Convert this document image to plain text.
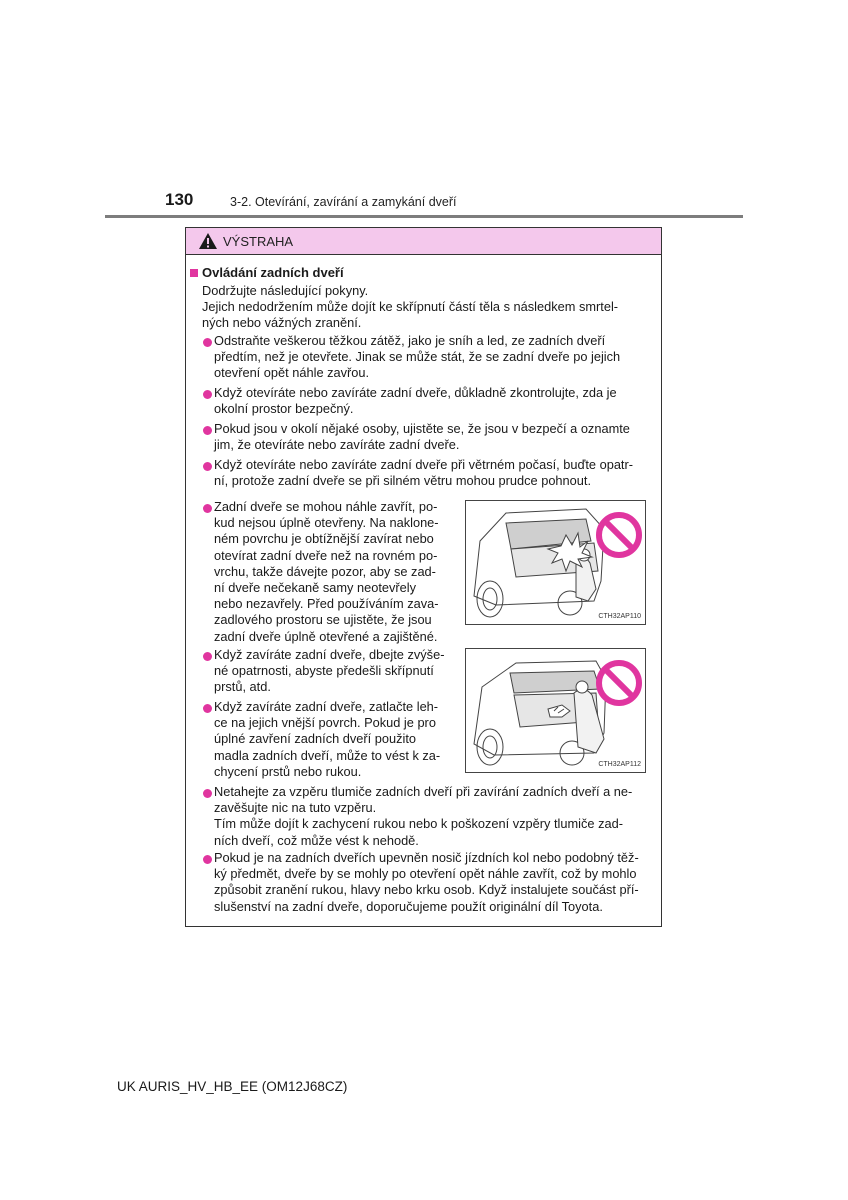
130	3-2. Otevírání, zavírání a zamykání dveří
VÝSTRAHA
Ovládání zadních dveří
Dodržujte následující pokyny.
Jejich nedodržením může dojít ke skřípnutí částí těla s následkem smrtel-
ných nebo vážných zranění.
Odstraňte veškerou těžkou zátěž, jako je sníh a led, ze zadních dveří
předtím, než je otevřete. Jinak se může stát, že se zadní dveře po jejich
otevření opět náhle zavřou.
Když otevíráte nebo zavíráte zadní dveře, důkladně zkontrolujte, zda je
okolní prostor bezpečný.
Pokud jsou v okolí nějaké osoby, ujistěte se, že jsou v bezpečí a oznamte
jim, že otevíráte nebo zavíráte zadní dveře.
Když otevíráte nebo zavíráte zadní dveře při větrném počasí, buďte opatr-
ní, protože zadní dveře se při silném větru mohou prudce pohnout.
Zadní dveře se mohou náhle zavřít, po-
kud nejsou úplně otevřeny. Na naklone-
ném povrchu je obtížnější zavírat nebo
otevírat zadní dveře než na rovném po-
vrchu, takže dávejte pozor, aby se zad-
ní dveře nečekaně samy neotevřely
nebo nezavřely. Před používáním zava-
zadlového prostoru se ujistěte, že jsou
zadní dveře úplně otevřené a zajištěné.
CTH32AP110
Když zavíráte zadní dveře, dbejte zvýše-
né opatrnosti, abyste předešli skřípnutí
prstů, atd.
Když zavíráte zadní dveře, zatlačte leh-
ce na jejich vnější povrch. Pokud je pro
úplné zavření zadních dveří použito
madla zadních dveří, může to vést k za-
chycení prstů nebo rukou.	CTH32AP112
Netahejte za vzpěru tlumiče zadních dveří při zavírání zadních dveří a ne-
zavěšujte nic na tuto vzpěru.
Tím může dojít k zachycení rukou nebo k poškození vzpěry tlumiče zad-
ních dveří, což může vést k nehodě.
Pokud je na zadních dveřích upevněn nosič jízdních kol nebo podobný těž-
ký předmět, dveře by se mohly po otevření opět náhle zavřít, což by mohlo
způsobit zranění rukou, hlavy nebo krku osob. Když instalujete součást pří-
slušenství na zadní dveře, doporučujeme použít originální díl Toyota.
UK AURIS_HV_HB_EE (OM12J68CZ)
